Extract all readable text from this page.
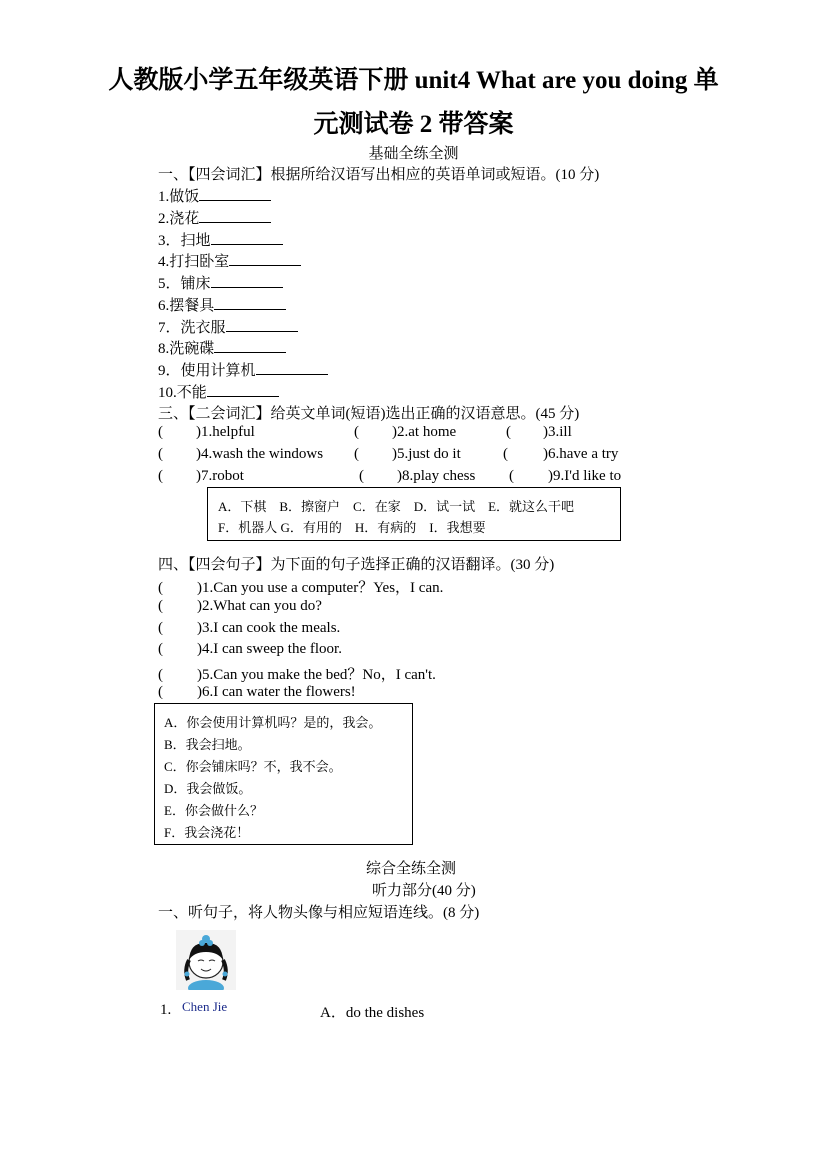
人教版小学五年级英语下册 unit4 What are you doing 单
元测试卷 2 带答案
基础全练全测
一、【四会词汇】根据所给汉语写出相应的英语单词或短语。(10 分)
1.做饭
2.浇花
3．扫地
4.打扫卧室
5．铺床
6.摆餐具
7．洗衣服
8.洗碗碟
9．使用计算机
10.不能
三、【二会词汇】给英文单词(短语)选出正确的汉语意思。(45 分)
( ) 1.helpful	( ) 2.at home	( ) 3.ill
( ) 4.wash the windows ( ) 5.just do it	( ) 6.have a try
( ) 7.robot	( ) 8.play chess ( ) 9.I'd like to
A．下棋　B．擦窗户　C．在家　D．试一试　E．就这么干吧
F．机器人 G．有用的　H．有病的　I．我想要
四、【四会句子】为下面的句子选择正确的汉语翻译。(30 分)
( )1.Can you use a computer？Yes，I can.
( )2.What can you do?
( )3.I can cook the meals.
( )4.I can sweep the floor.
( )5.Can you make the bed？No，I can't.
( )6.I can water the flowers!
A．你会使用计算机吗？是的，我会。
B．我会扫地。
C．你会铺床吗？不，我不会。
D．我会做饭。
E．你会做什么？
F．我会浇花！
综合全练全测
听力部分(40 分)
一、听句子，将人物头像与相应短语连线。(8 分)
1. Chen Jie	A．do the dishes
